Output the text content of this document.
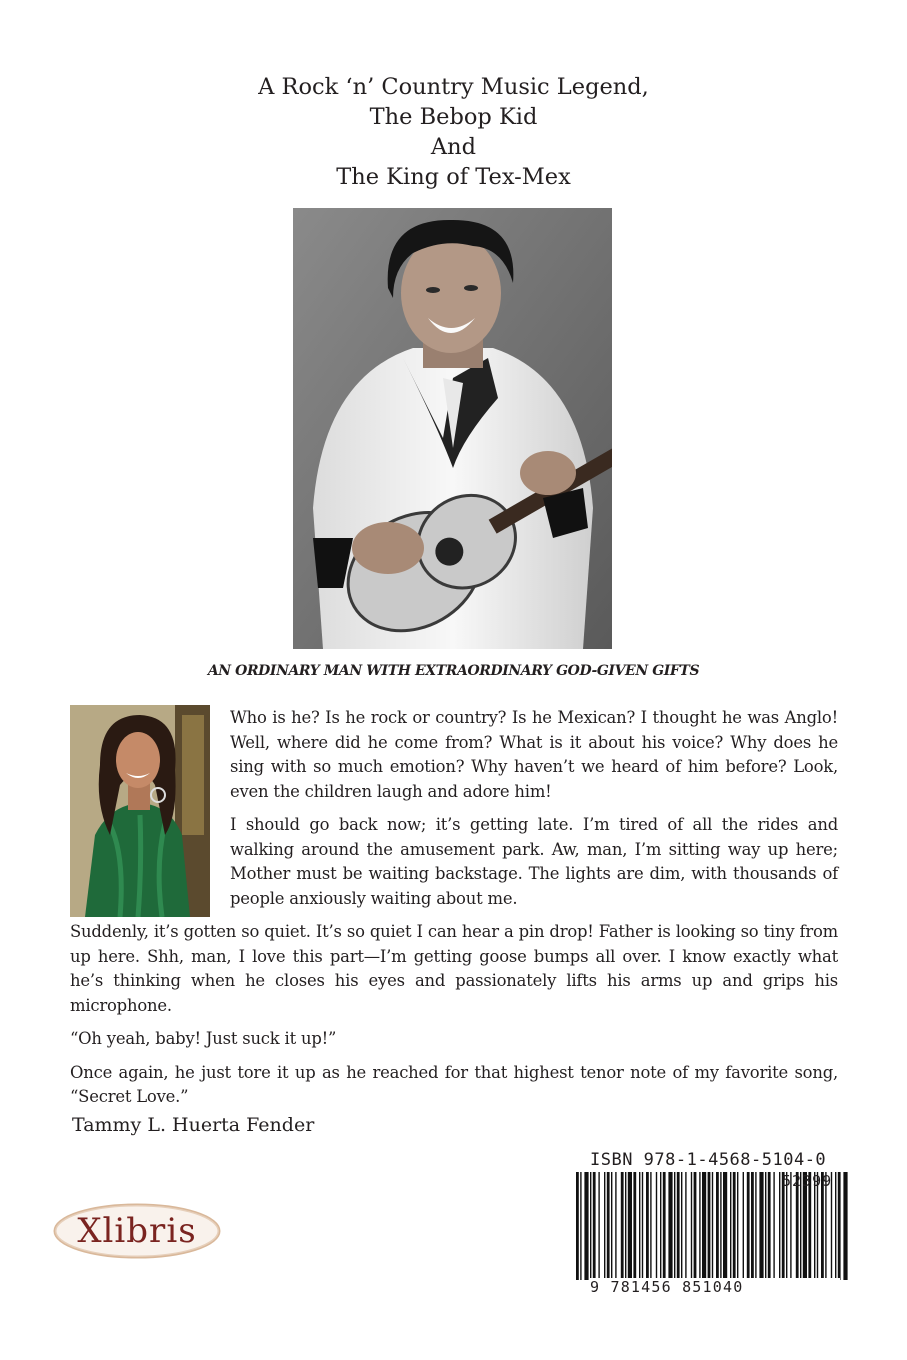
A Rock ‘n’ Country Music Legend,
The Bebop Kid
And
The King of Tex-Mex
AN ORDINARY MAN WITH EXTRAORDINARY GOD-GIVEN GIFTS

Who is he? Is he rock or country? Is he Mexican? I thought he was Anglo! Well, where did he come from? What is it about his voice? Why does he sing with so much emotion? Why haven’t we heard of him before? Look, even the children laugh and adore him!

I should go back now; it’s getting late. I’m tired of all the rides and walking around the amusement park. Aw, man, I’m sitting way up here; Mother must be waiting backstage. The lights are dim, with thousands of people anxiously waiting about me.

Suddenly, it’s gotten so quiet. It’s so quiet I can hear a pin drop! Father is looking so tiny from up here. Shh, man, I love this part—I’m getting goose bumps all over. I know exactly what he’s thinking when he closes his eyes and passionately lifts his arms up and grips his microphone.

“Oh yeah, baby! Just suck it up!”

Once again, he just tore it up as he reached for that highest tenor note of my favorite song, “Secret Love.”

Tammy L. Huerta Fender
Xlibris
ISBN 978-1-4568-5104-0
52399
9 781456 851040
